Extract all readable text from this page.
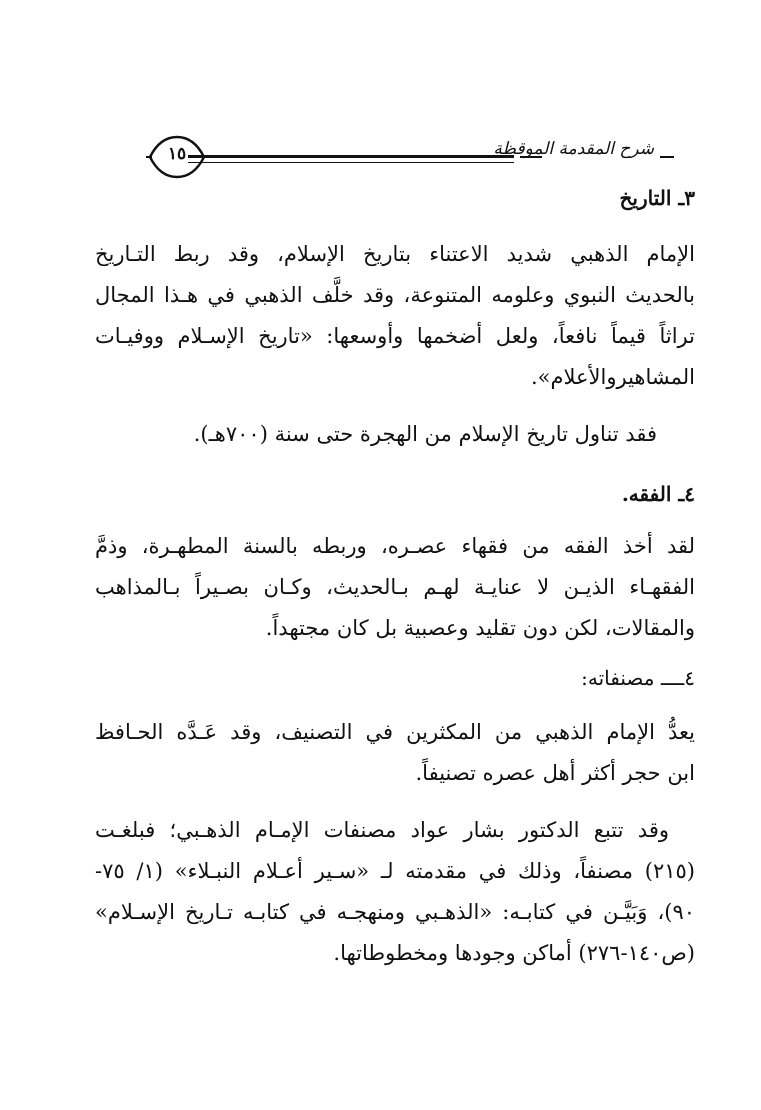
شرح المقدمة الموقظة
١٥
٣ـ التاريخ
الإمام الذهبي شديد الاعتناء بتاريخ الإسلام، وقد ربط التـاريخ
بالحديث النبوي وعلومه المتنوعة، وقد خلَّف الذهبي في هـذا المجال
تراثاً قيماً نافعاً، ولعل أضخمها وأوسعها: «تاريخ الإسـلام ووفيـات
المشاهيروالأعلام».
فقد تناول تاريخ الإسلام من الهجرة حتى سنة (٧٠٠هـ).
٤ـ الفقه.
لقد أخذ الفقه من فقهاء عصـره، وربطه بالسنة المطهـرة، وذمَّ
الفقهـاء الذيـن لا عنايـة لهـم بـالحديث، وكـان بصـيراً بـالمذاهب
والمقالات، لكن دون تقليد وعصبية بل كان مجتهداً.
٤ــــ مصنفاته:
يعدُّ الإمام الذهبي من المكثرين في التصنيف، وقد عَـدَّه الحـافظ
ابن حجر أكثر أهل عصره تصنيفاً.
وقد تتبع الدكتور بشار عواد مصنفات الإمـام الذهـبي؛ فبلغـت
(٢١٥) مصنفاً، وذلك في مقدمته لـ «سـير أعـلام النبـلاء» (١/ ٧٥-
٩٠)، وَبَيَّـن في كتابـه: «الذهـبي ومنهجـه في كتابـه تـاريخ الإسـلام»
(ص١٤٠-٢٧٦) أماكن وجودها ومخطوطاتها.
